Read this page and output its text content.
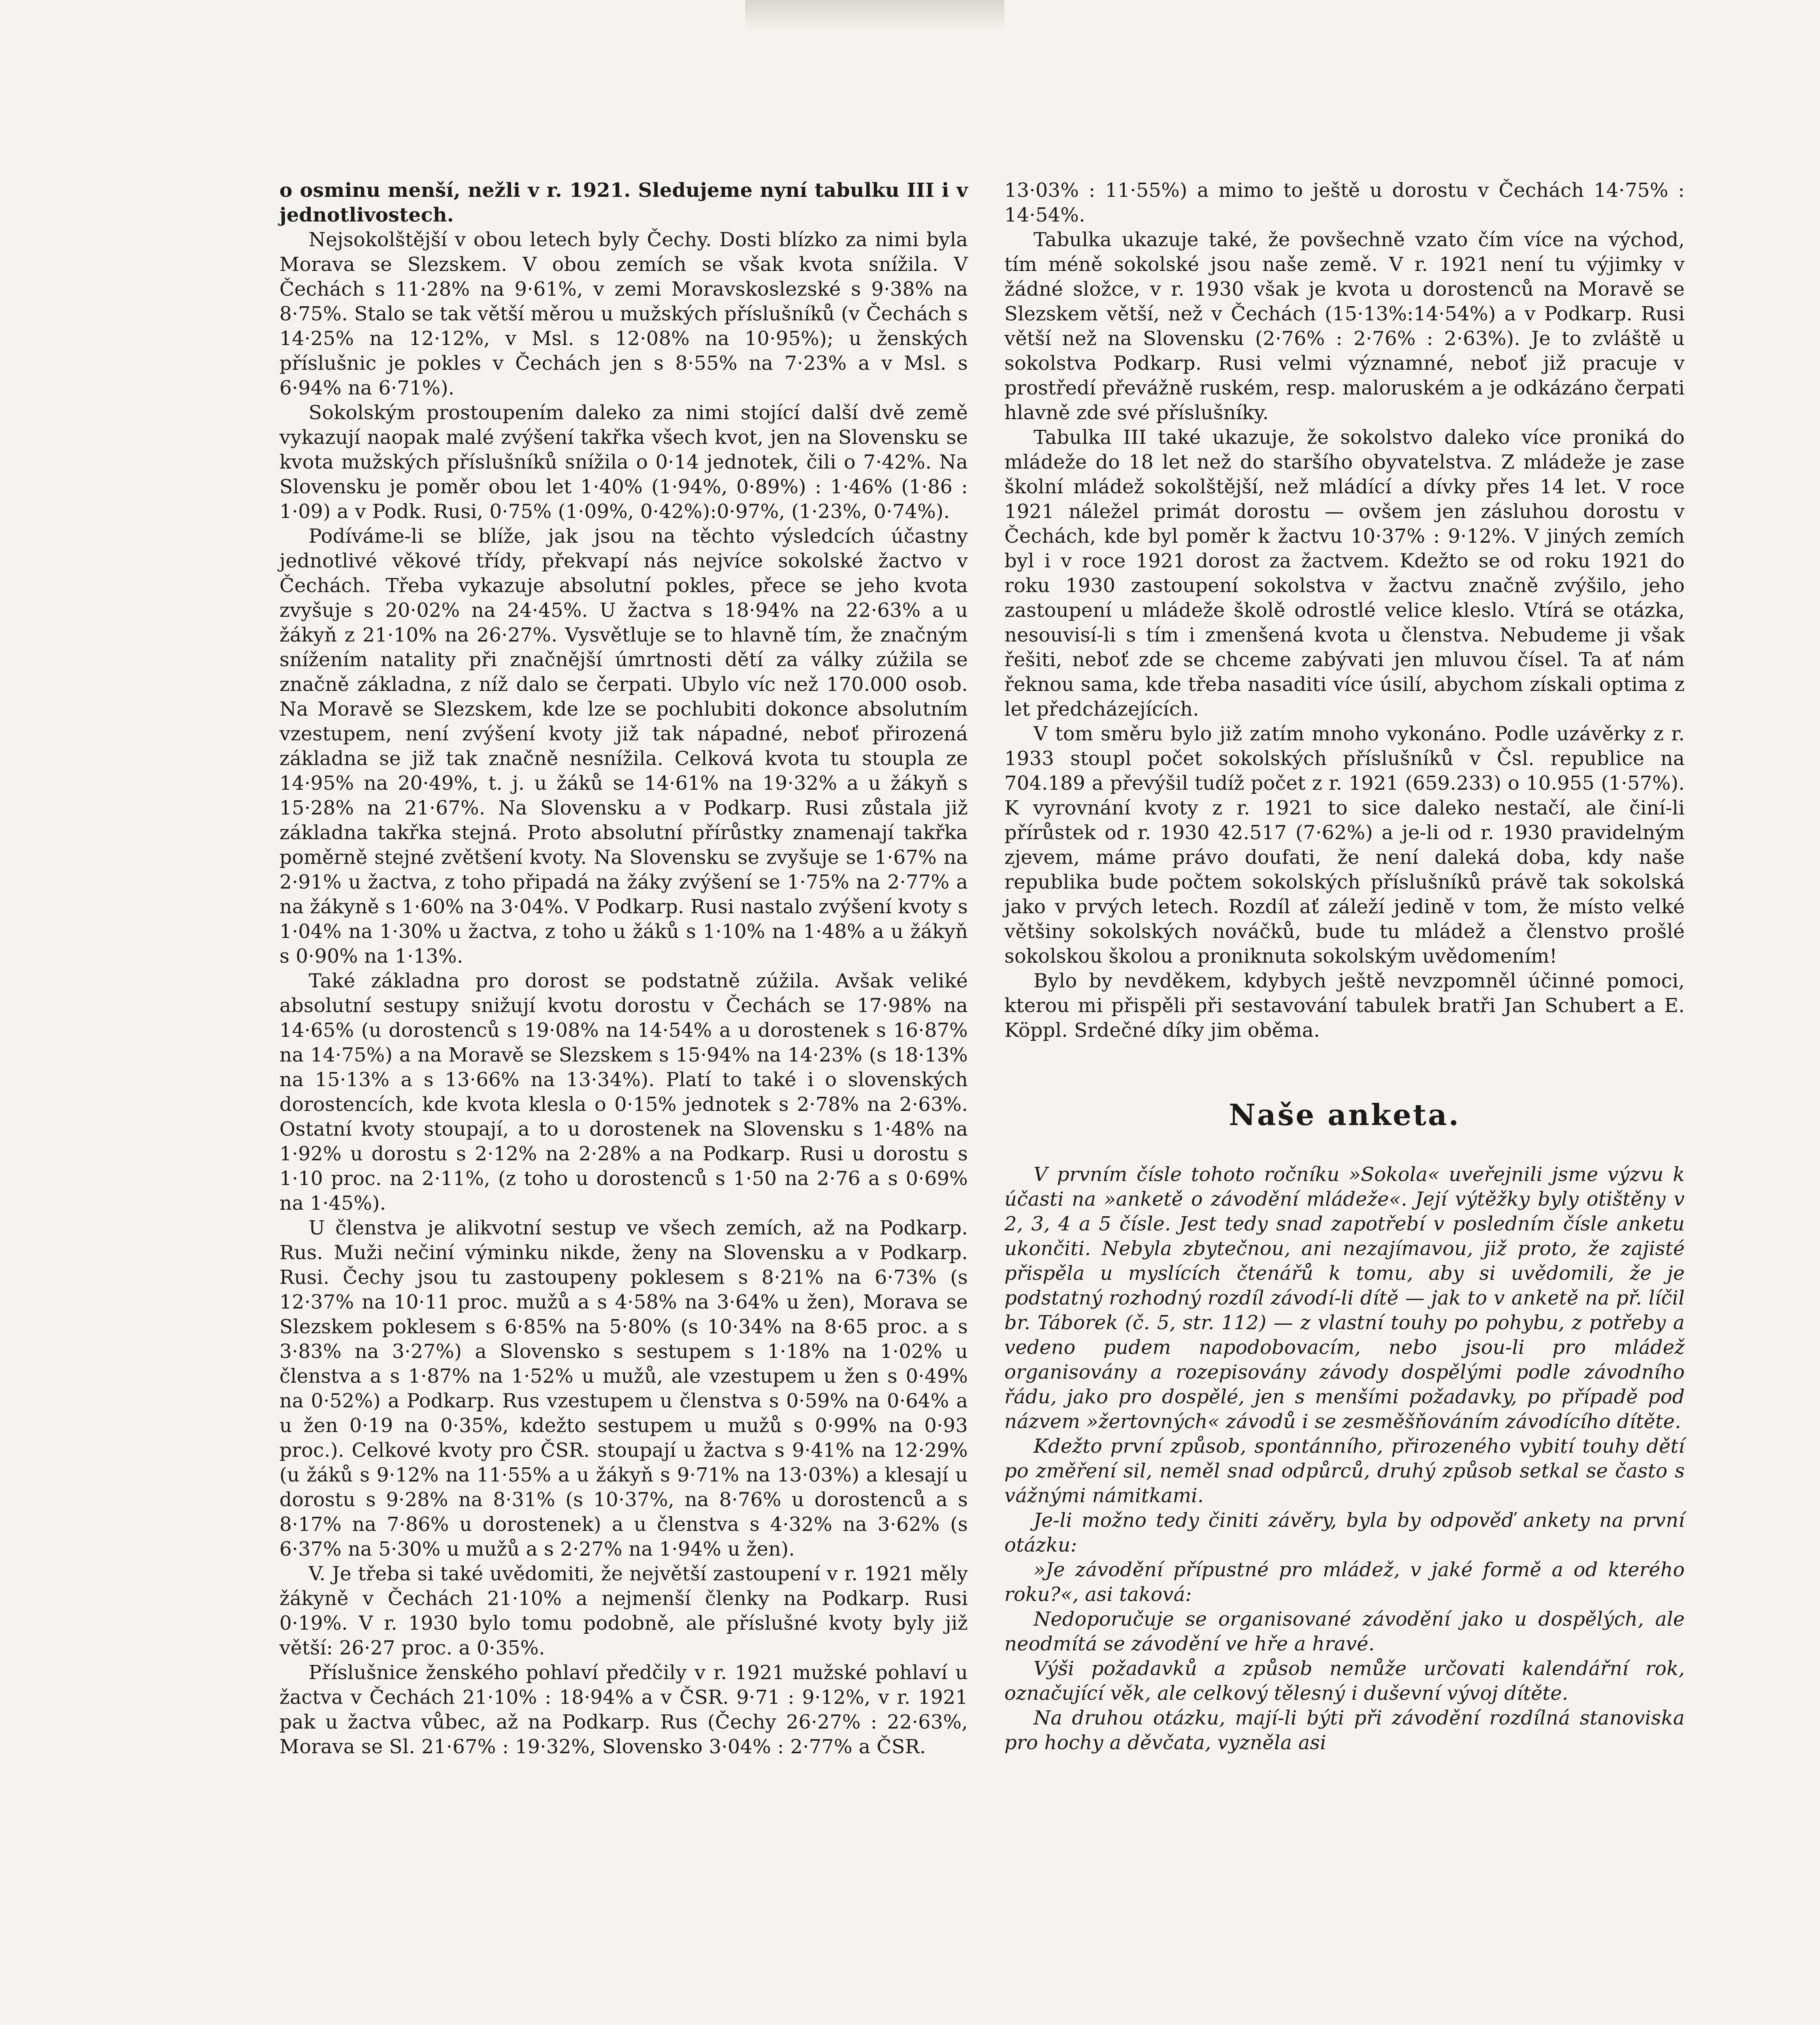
o osminu menší, nežli v r. 1921. Sledujeme nyní tabulku III i v jednotlivostech.

Nejsokolštější v obou letech byly Čechy. Dosti blízko za nimi byla Morava se Slezskem. V obou zemích se však kvota snížila. V Čechách s 11·28% na 9·61%, v zemi Moravskoslezské s 9·38% na 8·75%. Stalo se tak větší měrou u mužských příslušníků (v Čechách s 14·25% na 12·12%, v Msl. s 12·08% na 10·95%); u ženských příslušnic je pokles v Čechách jen s 8·55% na 7·23% a v Msl. s 6·94% na 6·71%).

Sokolským prostoupením daleko za nimi stojící další dvě země vykazují naopak malé zvýšení takřka všech kvot, jen na Slovensku se kvota mužských příslušníků snížila o 0·14 jednotek, čili o 7·42%. Na Slovensku je poměr obou let 1·40% (1·94%, 0·89%) : 1·46% (1·86 : 1·09) a v Podk. Rusi, 0·75% (1·09%, 0·42%):0·97%, (1·23%, 0·74%).

Podíváme-li se blíže, jak jsou na těchto výsledcích účastny jednotlivé věkové třídy, překvapí nás nejvíce sokolské žactvo v Čechách. Třeba vykazuje absolutní pokles, přece se jeho kvota zvyšuje s 20·02% na 24·45%. U žactva s 18·94% na 22·63% a u žákyň z 21·10% na 26·27%. Vysvětluje se to hlavně tím, že značným snížením natality při značnější úmrtnosti dětí za války zúžila se značně základna, z níž dalo se čerpati. Ubylo víc než 170.000 osob. Na Moravě se Slezskem, kde lze se pochlubiti dokonce absolutním vzestupem, není zvýšení kvoty již tak nápadné, neboť přirozená základna se již tak značně nesnížila. Celková kvota tu stoupla ze 14·95% na 20·49%, t. j. u žáků se 14·61% na 19·32% a u žákyň s 15·28% na 21·67%. Na Slovensku a v Podkarp. Rusi zůstala již základna takřka stejná. Proto absolutní přírůstky znamenají takřka poměrně stejné zvětšení kvoty. Na Slovensku se zvyšuje se 1·67% na 2·91% u žactva, z toho připadá na žáky zvýšení se 1·75% na 2·77% a na žákyně s 1·60% na 3·04%. V Podkarp. Rusi nastalo zvýšení kvoty s 1·04% na 1·30% u žactva, z toho u žáků s 1·10% na 1·48% a u žákyň s 0·90% na 1·13%.

Také základna pro dorost se podstatně zúžila. Avšak veliké absolutní sestupy snižují kvotu dorostu v Čechách se 17·98% na 14·65% (u dorostenců s 19·08% na 14·54% a u dorostenek s 16·87% na 14·75%) a na Moravě se Slezskem s 15·94% na 14·23% (s 18·13% na 15·13% a s 13·66% na 13·34%). Platí to také i o slovenských dorostencích, kde kvota klesla o 0·15% jednotek s 2·78% na 2·63%. Ostatní kvoty stoupají, a to u dorostenek na Slovensku s 1·48% na 1·92% u dorostu s 2·12% na 2·28% a na Podkarp. Rusi u dorostu s 1·10 proc. na 2·11%, (z toho u dorostenců s 1·50 na 2·76 a s 0·69% na 1·45%).

U členstva je alikvotní sestup ve všech zemích, až na Podkarp. Rus. Muži nečiní výminku nikde, ženy na Slovensku a v Podkarp. Rusi. Čechy jsou tu zastoupeny poklesem s 8·21% na 6·73% (s 12·37% na 10·11 proc. mužů a s 4·58% na 3·64% u žen), Morava se Slezskem poklesem s 6·85% na 5·80% (s 10·34% na 8·65 proc. a s 3·83% na 3·27%) a Slovensko s sestupem s 1·18% na 1·02% u členstva a s 1·87% na 1·52% u mužů, ale vzestupem u žen s 0·49% na 0·52%) a Podkarp. Rus vzestupem u členstva s 0·59% na 0·64% a u žen 0·19 na 0·35%, kdežto sestupem u mužů s 0·99% na 0·93 proc.). Celkové kvoty pro ČSR. stoupají u žactva s 9·41% na 12·29% (u žáků s 9·12% na 11·55% a u žákyň s 9·71% na 13·03%) a klesají u dorostu s 9·28% na 8·31% (s 10·37%, na 8·76% u dorostenců a s 8·17% na 7·86% u dorostenek) a u členstva s 4·32% na 3·62% (s 6·37% na 5·30% u mužů a s 2·27% na 1·94% u žen).

V. Je třeba si také uvědomiti, že největší zastoupení v r. 1921 měly žákyně v Čechách 21·10% a nejmenší členky na Podkarp. Rusi 0·19%. V r. 1930 bylo tomu podobně, ale příslušné kvoty byly již větší: 26·27 proc. a 0·35%.

Příslušnice ženského pohlaví předčily v r. 1921 mužské pohlaví u žactva v Čechách 21·10% : 18·94% a v ČSR. 9·71 : 9·12%, v r. 1921 pak u žactva vůbec, až na Podkarp. Rus (Čechy 26·27% : 22·63%, Morava se Sl. 21·67% : 19·32%, Slovensko 3·04% : 2·77% a ČSR.

13·03% : 11·55%) a mimo to ještě u dorostu v Čechách 14·75% : 14·54%.

Tabulka ukazuje také, že povšechně vzato čím více na východ, tím méně sokolské jsou naše země. V r. 1921 není tu výjimky v žádné složce, v r. 1930 však je kvota u dorostenců na Moravě se Slezskem větší, než v Čechách (15·13%:14·54%) a v Podkarp. Rusi větší než na Slovensku (2·76% : 2·76% : 2·63%). Je to zvláště u sokolstva Podkarp. Rusi velmi významné, neboť již pracuje v prostředí převážně ruském, resp. maloruském a je odkázáno čerpati hlavně zde své příslušníky.

Tabulka III také ukazuje, že sokolstvo daleko více proniká do mládeže do 18 let než do staršího obyvatelstva. Z mládeže je zase školní mládež sokolštější, než mládící a dívky přes 14 let. V roce 1921 náležel primát dorostu — ovšem jen zásluhou dorostu v Čechách, kde byl poměr k žactvu 10·37% : 9·12%. V jiných zemích byl i v roce 1921 dorost za žactvem. Kdežto se od roku 1921 do roku 1930 zastoupení sokolstva v žactvu značně zvýšilo, jeho zastoupení u mládeže školě odrostlé velice kleslo. Vtírá se otázka, nesouvisí-li s tím i zmenšená kvota u členstva. Nebudeme ji však řešiti, neboť zde se chceme zabývati jen mluvou čísel. Ta ať nám řeknou sama, kde třeba nasaditi více úsilí, abychom získali optima z let předcházejících.

V tom směru bylo již zatím mnoho vykonáno. Podle uzávěrky z r. 1933 stoupl počet sokolských příslušníků v Čsl. republice na 704.189 a převýšil tudíž počet z r. 1921 (659.233) o 10.955 (1·57%). K vyrovnání kvoty z r. 1921 to sice daleko nestačí, ale činí-li přírůstek od r. 1930 42.517 (7·62%) a je-li od r. 1930 pravidelným zjevem, máme právo doufati, že není daleká doba, kdy naše republika bude počtem sokolských příslušníků právě tak sokolská jako v prvých letech. Rozdíl ať záleží jedině v tom, že místo velké většiny sokolských nováčků, bude tu mládež a členstvo prošlé sokolskou školou a proniknuta sokolským uvědomením!

Bylo by nevděkem, kdybych ještě nevzpomněl účinné pomoci, kterou mi přispěli při sestavování tabulek bratři Jan Schubert a E. Köppl. Srdečné díky jim oběma.

Naše anketa.

V prvním čísle tohoto ročníku »Sokola« uveřejnili jsme výzvu k účasti na »anketě o závodění mládeže«. Její výtěžky byly otištěny v 2, 3, 4 a 5 čísle. Jest tedy snad zapotřebí v posledním čísle anketu ukončiti. Nebyla zbytečnou, ani nezajímavou, již proto, že zajisté přispěla u myslících čtenářů k tomu, aby si uvědomili, že je podstatný rozhodný rozdíl závodí-li dítě — jak to v anketě na př. líčil br. Táborek (č. 5, str. 112) — z vlastní touhy po pohybu, z potřeby a vedeno pudem napodobovacím, nebo jsou-li pro mládež organisovány a rozepisovány závody dospělými podle závodního řádu, jako pro dospělé, jen s menšími požadavky, po případě pod názvem »žertovných« závodů i se zesměšňováním závodícího dítěte.

Kdežto první způsob, spontánního, přirozeného vybití touhy dětí po změření sil, neměl snad odpůrců, druhý způsob setkal se často s vážnými námitkami.

Je-li možno tedy činiti závěry, byla by odpověď ankety na první otázku:

»Je závodění přípustné pro mládež, v jaké formě a od kterého roku?«, asi taková:

Nedoporučuje se organisované závodění jako u dospělých, ale neodmítá se závodění ve hře a hravé.

Výši požadavků a způsob nemůže určovati kalendářní rok, označující věk, ale celkový tělesný i duševní vývoj dítěte.

Na druhou otázku, mají-li býti při závodění rozdílná stanoviska pro hochy a děvčata, vyzněla asi
